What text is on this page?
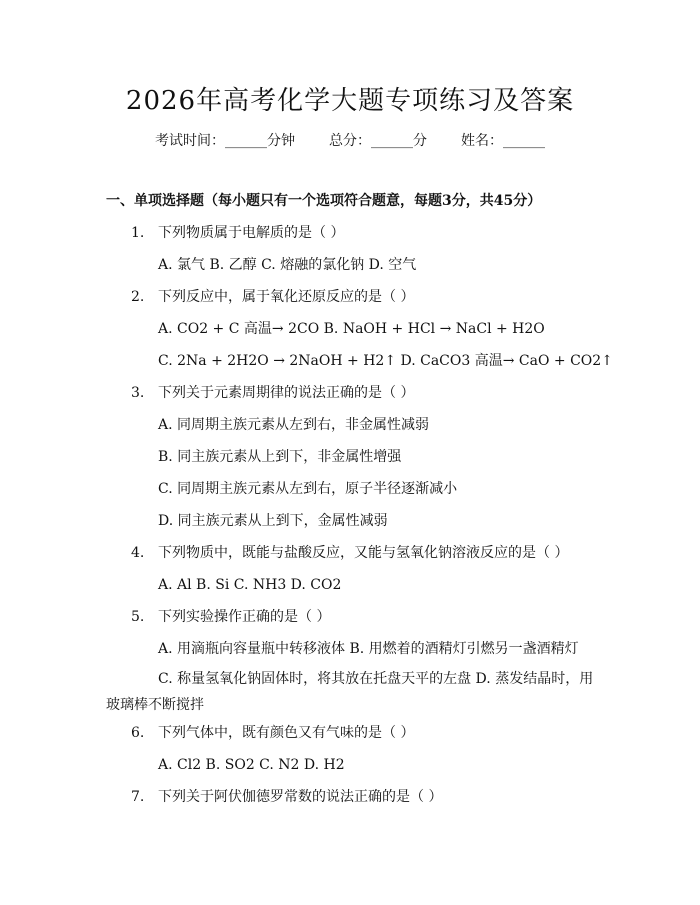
2026年高考化学大题专项练习及答案
考试时间：______分钟 总分：______分 姓名：______
一、单项选择题（每小题只有一个选项符合题意，每题3分，共45分）
1. 下列物质属于电解质的是（ ）
A. 氯气 B. 乙醇 C. 熔融的氯化钠 D. 空气
2. 下列反应中，属于氧化还原反应的是（ ）
A. CO2 + C 高温→ 2CO B. NaOH + HCl → NaCl + H2O
C. 2Na + 2H2O → 2NaOH + H2↑ D. CaCO3 高温→ CaO + CO2↑
3. 下列关于元素周期律的说法正确的是（ ）
A. 同周期主族元素从左到右，非金属性减弱
B. 同主族元素从上到下，非金属性增强
C. 同周期主族元素从左到右，原子半径逐渐减小
D. 同主族元素从上到下，金属性减弱
4. 下列物质中，既能与盐酸反应，又能与氢氧化钠溶液反应的是（ ）
A. Al B. Si C. NH3 D. CO2
5. 下列实验操作正确的是（ ）
A. 用滴瓶向容量瓶中转移液体 B. 用燃着的酒精灯引燃另一盏酒精灯
C. 称量氢氧化钠固体时，将其放在托盘天平的左盘 D. 蒸发结晶时，用玻璃棒不断搅拌
6. 下列气体中，既有颜色又有气味的是（ ）
A. Cl2 B. SO2 C. N2 D. H2
7. 下列关于阿伏伽德罗常数的说法正确的是（ ）
